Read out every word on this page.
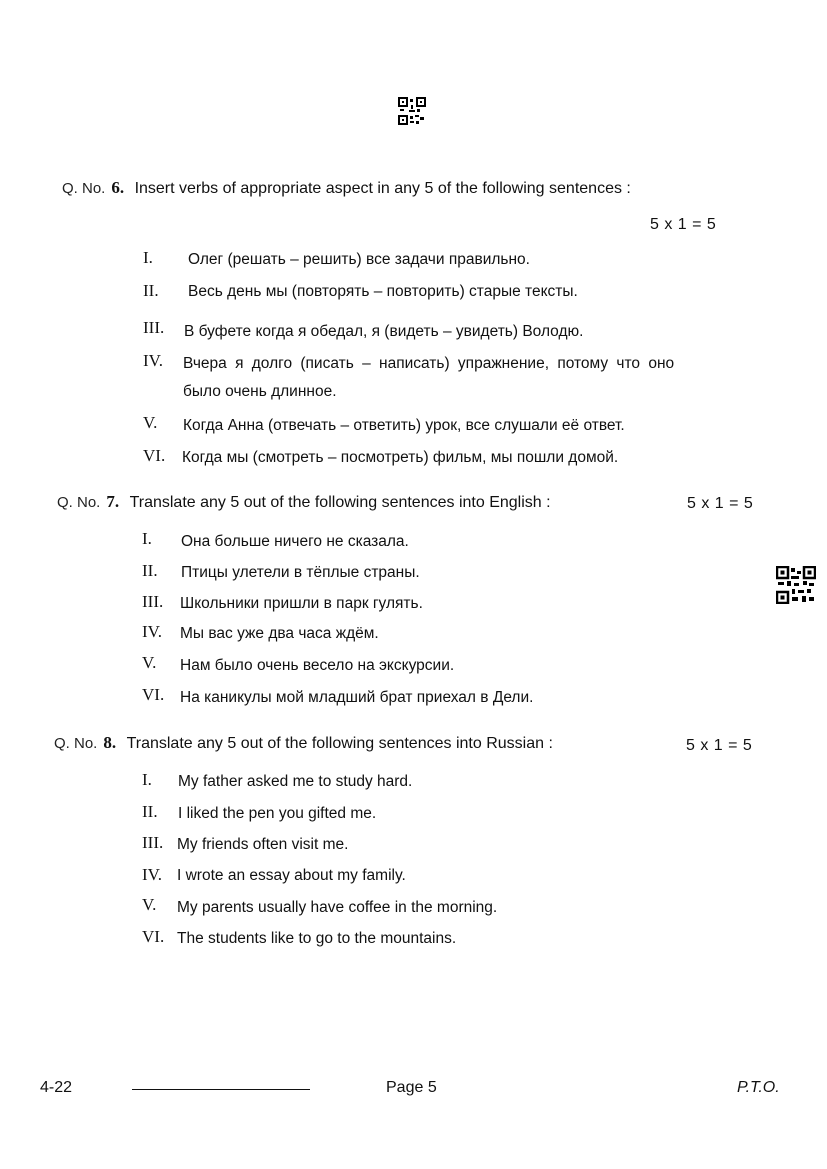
Q. No. 6. Insert verbs of appropriate aspect in any 5 of the following sentences :
5 x 1 = 5
I. Олег (решать – решить) все задачи правильно.
II. Весь день мы (повторять – повторить) старые тексты.
III. В буфете когда я обедал, я (видеть – увидеть) Володю.
IV. Вчера я долго (писать – написать) упражнение, потому что оно
было очень длинное.
V. Когда Анна (отвечать – ответить) урок, все слушали её ответ.
VI. Когда мы (смотреть – посмотреть) фильм, мы пошли домой.
Q. No. 7. Translate any 5 out of the following sentences into English :	5 x 1 = 5
I. Она больше ничего не сказала.
II. Птицы улетели в тёплые страны.
III. Школьники пришли в парк гулять.
IV. Мы вас уже два часа ждём.
V. Нам было очень весело на экскурсии.
VI. На каникулы мой младший брат приехал в Дели.
Q. No. 8. Translate any 5 out of the following sentences into Russian :	5 x 1 = 5
I. My father asked me to study hard.
II. I liked the pen you gifted me.
III. My friends often visit me.
IV. I wrote an essay about my family.
V. My parents usually have coffee in the morning.
VI. The students like to go to the mountains.
4-22	Page 5	P.T.O.
